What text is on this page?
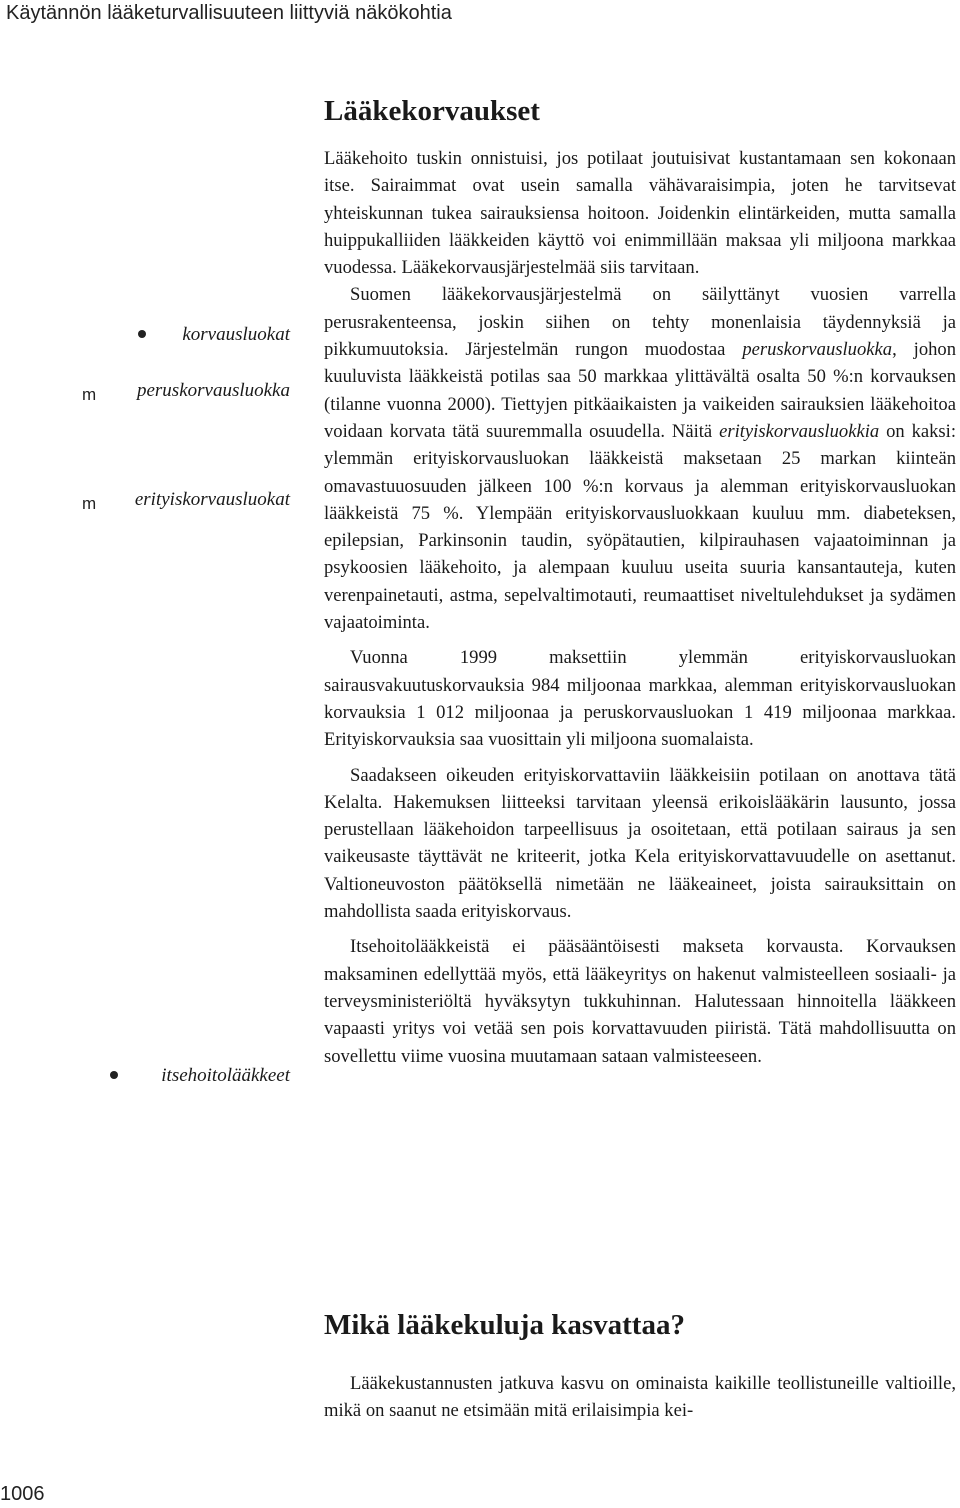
Käytännön lääketurvallisuuteen liittyviä näkökohtia
Lääkekorvaukset

Lääkehoito tuskin onnistuisi, jos potilaat joutuisivat kustantamaan sen kokonaan itse. Sairaimmat ovat usein samalla vähävaraisimpia, joten he tarvitsevat yhteiskunnan tukea sairauksiensa hoitoon. Joidenkin elintärkeiden, mutta samalla huippukalliiden lääkkeiden käyttö voi enimmillään maksaa yli miljoona markkaa vuodessa. Lääkekorvausjärjestelmää siis tarvitaan.

Suomen lääkekorvausjärjestelmä on säilyttänyt vuosien varrella perusrakenteensa, joskin siihen on tehty monenlaisia täydennyksiä ja pikkumuutoksia. Järjestelmän rungon muodostaa peruskorvausluokka, johon kuuluvista lääkkeistä potilas saa 50 markkaa ylittävältä osalta 50 %:n korvauksen (tilanne vuonna 2000). Tiettyjen pitkäaikaisten ja vaikeiden sairauksien lääkehoitoa voidaan korvata tätä suuremmalla osuudella. Näitä erityiskorvausluokkia on kaksi: ylemmän erityiskorvausluokan lääkkeistä maksetaan 25 markan kiinteän omavastuuosuuden jälkeen 100 %:n korvaus ja alemman erityiskorvausluokan lääkkeistä 75 %. Ylempään erityiskorvausluokkaan kuuluu mm. diabeteksen, epilepsian, Parkinsonin taudin, syöpätautien, kilpirauhasen vajaatoiminnan ja psykoosien lääkehoito, ja alempaan kuuluu useita suuria kansantauteja, kuten verenpainetauti, astma, sepelvaltimotauti, reumaattiset niveltulehdukset ja sydämen vajaatoiminta.

Vuonna 1999 maksettiin ylemmän erityiskorvausluokan sairausvakuutuskorvauksia 984 miljoonaa markkaa, alemman erityiskorvausluokan korvauksia 1 012 miljoonaa ja peruskorvausluokan 1 419 miljoonaa markkaa. Erityiskorvauksia saa vuosittain yli miljoona suomalaista.

Saadakseen oikeuden erityiskorvattaviin lääkkeisiin potilaan on anottava tätä Kelalta. Hakemuksen liitteeksi tarvitaan yleensä erikoislääkärin lausunto, jossa perustellaan lääkehoidon tarpeellisuus ja osoitetaan, että potilaan sairaus ja sen vaikeusaste täyttävät ne kriteerit, jotka Kela erityiskorvattavuudelle on asettanut. Valtioneuvoston päätöksellä nimetään ne lääkeaineet, joista sairauksittain on mahdollista saada erityiskorvaus.

Itsehoitolääkkeistä ei pääsääntöisesti makseta korvausta. Korvauksen maksaminen edellyttää myös, että lääkeyritys on hakenut valmisteelleen sosiaali- ja terveysministeriöltä hyväksytyn tukkuhinnan. Halutessaan hinnoitella lääkkeen vapaasti yritys voi vetää sen pois korvattavuuden piiristä. Tätä mahdollisuutta on sovellettu viime vuosina muutamaan sataan valmisteeseen.

korvausluokat
m	peruskorvausluokka
m	erityiskorvausluokat
itsehoitolääkkeet
Mikä lääkekuluja kasvattaa?

Lääkekustannusten jatkuva kasvu on ominaista kaikille teollistuneille valtioille, mikä on saanut ne etsimään mitä erilaisimpia kei-

1006
